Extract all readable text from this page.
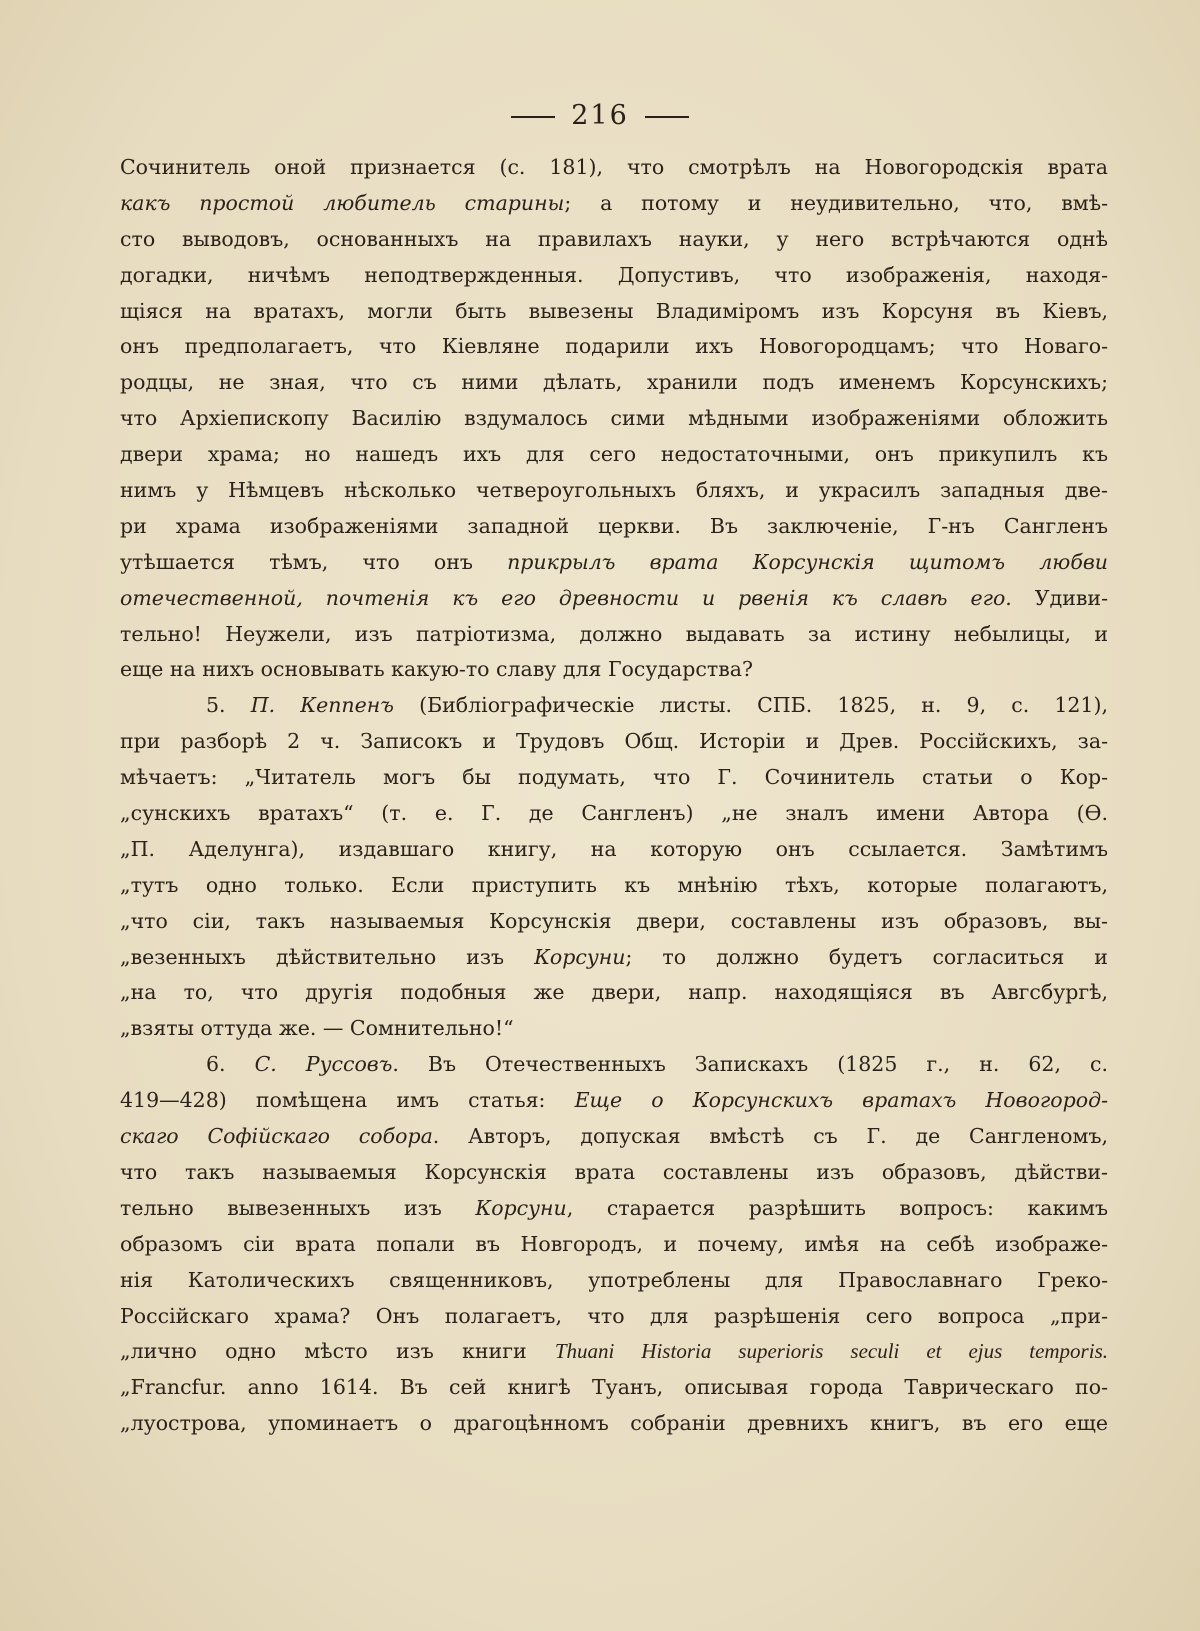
216
Сочинитель оной признается (с. 181), что смотрѣлъ на Новогородскія врата
какъ простой любитель старины; а потому и неудивительно, что, вмѣ-
сто выводовъ, основанныхъ на правилахъ науки, у него встрѣчаются однѣ
догадки, ничѣмъ неподтвержденныя. Допустивъ, что изображенія, находя-
щіяся на вратахъ, могли быть вывезены Владиміромъ изъ Корсуня въ Кіевъ,
онъ предполагаетъ, что Кіевляне подарили ихъ Новогородцамъ; что Новаго-
родцы, не зная, что съ ними дѣлать, хранили подъ именемъ Корсунскихъ;
что Архіепископу Василію вздумалось сими мѣдными изображеніями обложить
двери храма; но нашедъ ихъ для сего недостаточными, онъ прикупилъ къ
нимъ у Нѣмцевъ нѣсколько четвероугольныхъ бляхъ, и украсилъ западныя две-
ри храма изображеніями западной церкви. Въ заключеніе, Г-нъ Сангленъ
утѣшается тѣмъ, что онъ прикрылъ врата Корсунскія щитомъ любви
отечественной, почтенія къ его древности и рвенія къ славѣ его. Удиви-
тельно! Неужели, изъ патріотизма, должно выдавать за истину небылицы, и
еще на нихъ основывать какую-то славу для Государства?
5. П. Кеппенъ (Библіографическіе листы. СПБ. 1825, н. 9, с. 121),
при разборѣ 2 ч. Записокъ и Трудовъ Общ. Исторіи и Древ. Россійскихъ, за-
мѣчаетъ: „Читатель могъ бы подумать, что Г. Сочинитель статьи о Кор-
„сунскихъ вратахъ“ (т. е. Г. де Сангленъ) „не зналъ имени Автора (Ѳ.
„П. Аделунга), издавшаго книгу, на которую онъ ссылается. Замѣтимъ
„тутъ одно только. Если приступить къ мнѣнію тѣхъ, которые полагаютъ,
„что сіи, такъ называемыя Корсунскія двери, составлены изъ образовъ, вы-
„везенныхъ дѣйствительно изъ Корсуни; то должно будетъ согласиться и
„на то, что другія подобныя же двери, напр. находящіяся въ Авгсбургѣ,
„взяты оттуда же. — Сомнительно!“
6. С. Руссовъ. Въ Отечественныхъ Запискахъ (1825 г., н. 62, с.
419—428) помѣщена имъ статья: Еще о Корсунскихъ вратахъ Новогород-
скаго Софійскаго собора. Авторъ, допуская вмѣстѣ съ Г. де Сангленомъ,
что такъ называемыя Корсунскія врата составлены изъ образовъ, дѣйстви-
тельно вывезенныхъ изъ Корсуни, старается разрѣшить вопросъ: какимъ
образомъ сіи врата попали въ Новгородъ, и почему, имѣя на себѣ изображе-
нія Католическихъ священниковъ, употреблены для Православнаго Греко-
Россійскаго храма? Онъ полагаетъ, что для разрѣшенія сего вопроса „при-
„лично одно мѣсто изъ книги Thuani Historia superioris seculi et ejus temporis.
„Francfur. anno 1614. Въ сей книгѣ Туанъ, описывая города Таврическаго по-
„луострова, упоминаетъ о драгоцѣнномъ собраніи древнихъ книгъ, въ его еще
